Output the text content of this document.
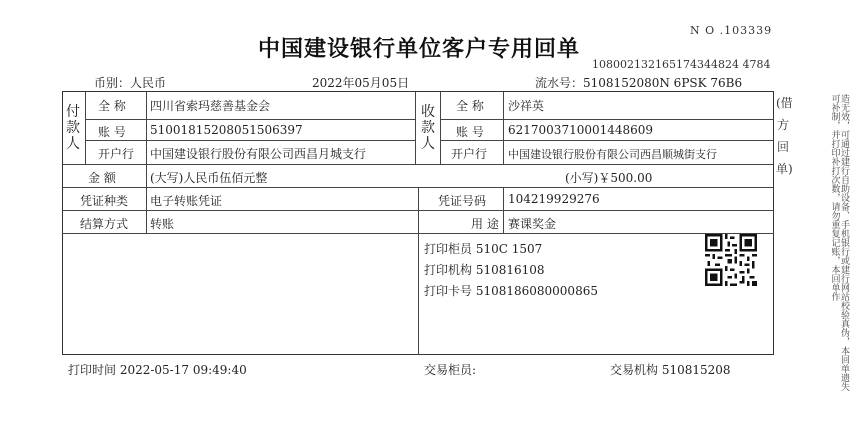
N O .103339
中国建设银行单位客户专用回单
108002132165174344824 4784
币别：人民币	2022年05月05日	流水号：5108152080N 6PSK 76B6
付款人
全 称 四川省索玛慈善基金会
账 号 51001815208051506397
开户行 中国建设银行股份有限公司西昌月城支行
收款人
全 称 沙祥英
账 号 6217003710001448609
开户行 中国建设银行股份有限公司西昌顺城街支行
金 额	(大写)人民币伍佰元整	(小写)￥500.00
凭证种类 电子转账凭证	凭证号码 104219929276
结算方式 转账	用 途 赛课奖金
打印柜员 510C 1507
打印机构 510816108
打印卡号 5108186080000865
(借方回单)	造无效，可通过建行自助设备、手机银行或建行网站校验真伪，本回单遗失可补制，并打印补打次数，请勿重复记账，本回单作
打印时间 2022-05-17 09:49:40	交易柜员:	交易机构 510815208
